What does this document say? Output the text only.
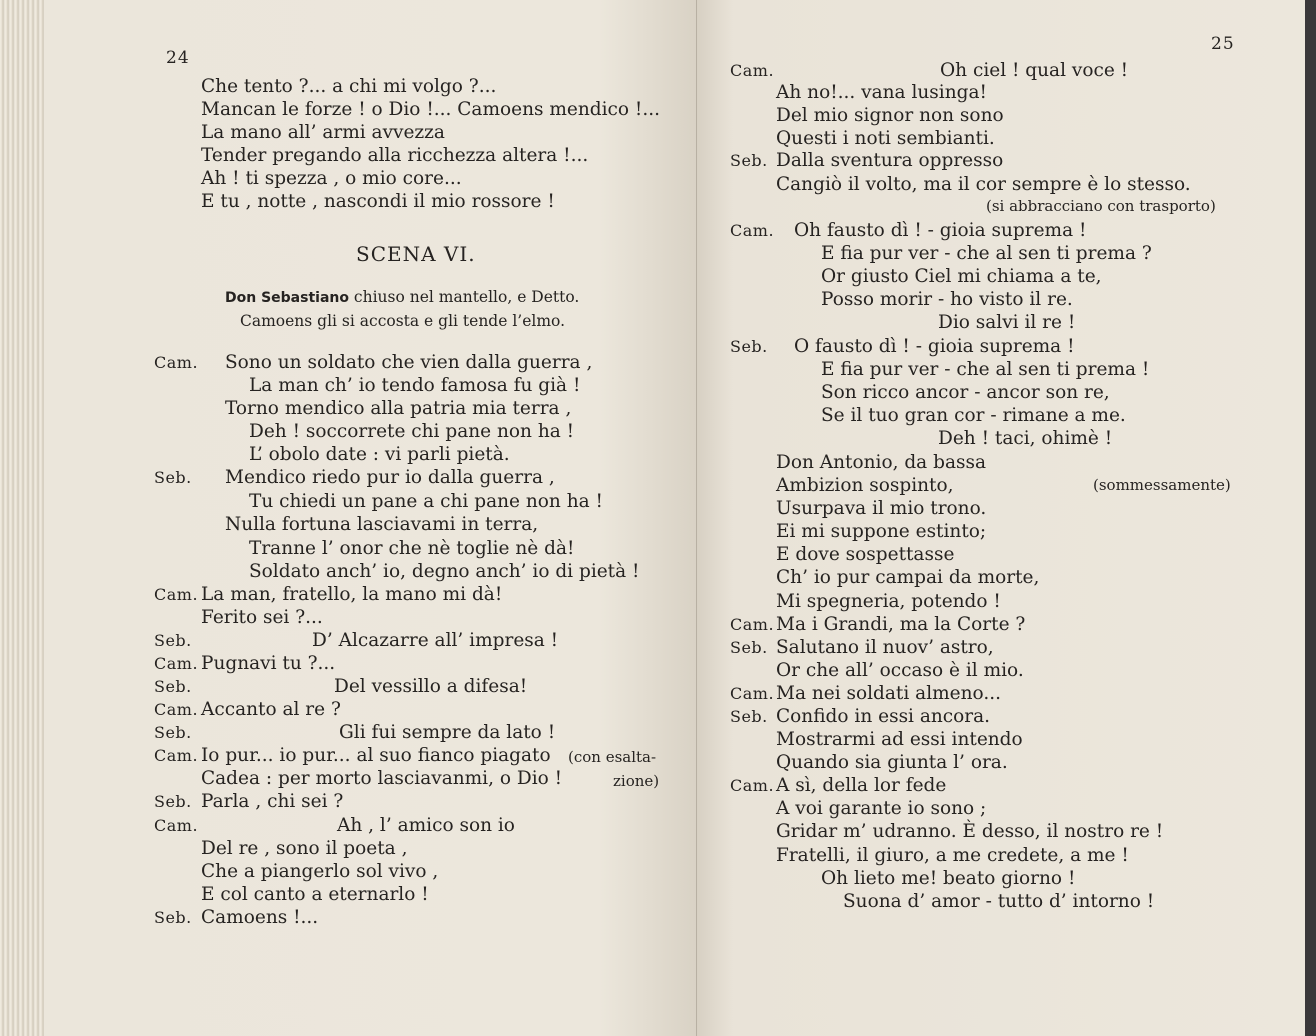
24
Che tento ?... a chi mi volgo ?...
Mancan le forze ! o Dio !... Camoens mendico !...
La mano all’ armi avvezza
Tender pregando alla ricchezza altera !...
Ah ! ti spezza , o mio core...
E tu , notte , nascondi il mio rossore !
SCENA VI.
Don Sebastiano chiuso nel mantello, e Detto.
Camoens gli si accosta e gli tende l’elmo.
Cam.
Seb.
Cam.
Seb.
Cam.
Seb.
Cam.
Seb.
Cam.
Seb.
Cam.
Seb.
Sono un soldato che vien dalla guerra ,
La man ch’ io tendo famosa fu già !
Torno mendico alla patria mia terra ,
Deh ! soccorrete chi pane non ha !
L’ obolo date : vi parli pietà.
Mendico riedo pur io dalla guerra ,
Tu chiedi un pane a chi pane non ha !
Nulla fortuna lasciavami in terra,
Tranne l’ onor che nè toglie nè dà!
Soldato anch’ io, degno anch’ io di pietà !
La man, fratello, la mano mi dà!
Ferito sei ?...
D’ Alcazarre all’ impresa !
Pugnavi tu ?...
Del vessillo a difesa!
Accanto al re ?
Gli fui sempre da lato !
Io pur... io pur... al suo fianco piagato
Cadea : per morto lasciavanmi, o Dio !
Parla , chi sei ?
Ah , l’ amico son io
Del re , sono il poeta ,
Che a piangerlo sol vivo ,
E col canto a eternarlo !
Camoens !...
(con esalta-
zione)
25
Cam.
Seb.
Cam.
Seb.
Cam.
Seb.
Cam.
Seb.
Cam.
Oh ciel ! qual voce !
Ah no!... vana lusinga!
Del mio signor non sono
Questi i noti sembianti.
Dalla sventura oppresso
Cangiò il volto, ma il cor sempre è lo stesso.
Oh fausto dì ! - gioia suprema !
E fia pur ver - che al sen ti prema ?
Or giusto Ciel mi chiama a te,
Posso morir - ho visto il re.
Dio salvi il re !
O fausto dì ! - gioia suprema !
E fia pur ver - che al sen ti prema !
Son ricco ancor - ancor son re,
Se il tuo gran cor - rimane a me.
Deh ! taci, ohimè !
Don Antonio, da bassa
Ambizion sospinto,
Usurpava il mio trono.
Ei mi suppone estinto;
E dove sospettasse
Ch’ io pur campai da morte,
Mi spegneria, potendo !
Ma i Grandi, ma la Corte ?
Salutano il nuov’ astro,
Or che all’ occaso è il mio.
Ma nei soldati almeno...
Confido in essi ancora.
Mostrarmi ad essi intendo
Quando sia giunta l’ ora.
A sì, della lor fede
A voi garante io sono ;
Gridar m’ udranno. È desso, il nostro re !
Fratelli, il giuro, a me credete, a me !
Oh lieto me! beato giorno !
Suona d’ amor - tutto d’ intorno !
(si abbracciano con trasporto)
(sommessamente)
